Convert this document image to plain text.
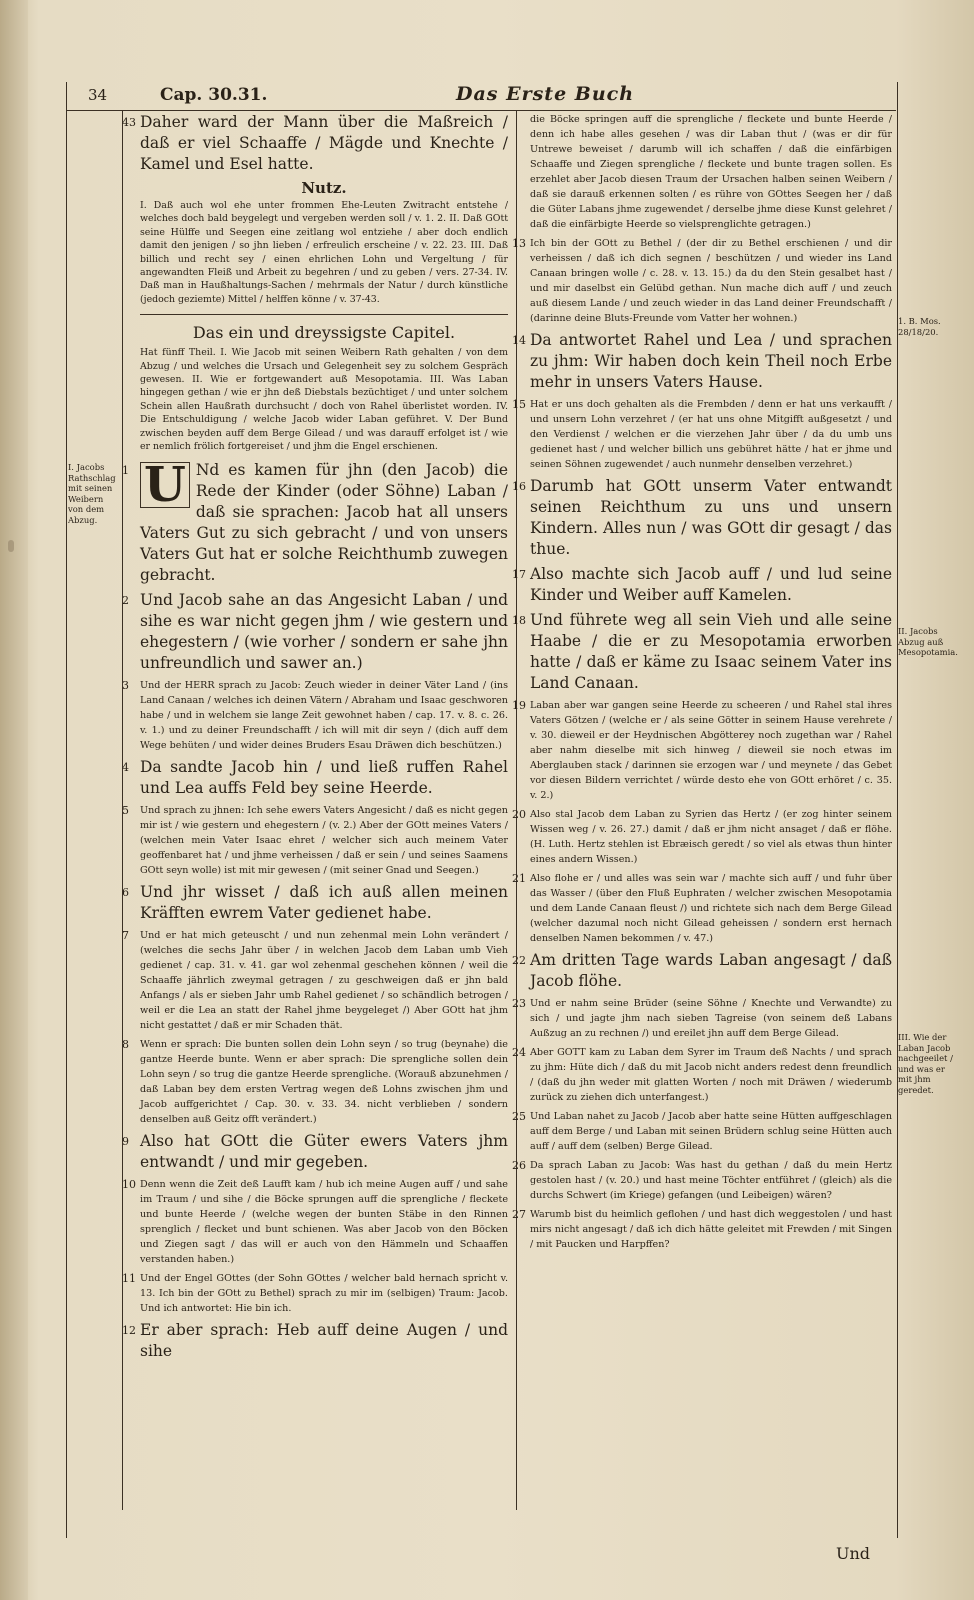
34	Cap. 30.31.	Das Erste Buch
43 Daher ward der Mann über die Maßreich / daß er viel Schaaffe / Mägde und Knechte / Kamel und Esel hatte.
Nutz.
I. Daß auch wol ehe unter frommen Ehe-Leuten Zwitracht entstehe / welches doch bald beygelegt und vergeben werden soll / v. 1. 2. II. Daß GOtt seine Hülffe und Seegen eine zeitlang wol entziehe / aber doch endlich damit den jenigen / so jhn lieben / erfreulich erscheine / v. 22. 23. III. Daß billich und recht sey / einen ehrlichen Lohn und Vergeltung / für angewandten Fleiß und Arbeit zu begehren / und zu geben / vers. 27-34. IV. Daß man in Haußhaltungs-Sachen / mehrmals der Natur / durch künstliche (jedoch geziemte) Mittel / helffen könne / v. 37-43.
Das ein und dreyssigste Capitel.
Hat fünff Theil. I. Wie Jacob mit seinen Weibern Rath gehalten / von dem Abzug / und welches die Ursach und Gelegenheit sey zu solchem Gespräch gewesen. II. Wie er fortgewandert auß Mesopotamia. III. Was Laban hingegen gethan / wie er jhn deß Diebstals bezüchtiget / und unter solchem Schein allen Haußrath durchsucht / doch von Rahel überlistet worden. IV. Die Entschuldigung / welche Jacob wider Laban geführet. V. Der Bund zwischen beyden auff dem Berge Gilead / und was darauff erfolget ist / wie er nemlich frölich fortgereiset / und jhm die Engel erschienen.
1 U Nd es kamen für jhn (den Jacob) die Rede der Kinder (oder Söhne) Laban / daß sie sprachen: Jacob hat all unsers Vaters Gut zu sich gebracht / und von unsers Vaters Gut hat er solche Reichthumb zuwegen gebracht.
2 Und Jacob sahe an das Angesicht Laban / und sihe es war nicht gegen jhm / wie gestern und ehegestern / (wie vorher / sondern er sahe jhn unfreundlich und sawer an.)
3 Und der HERR sprach zu Jacob: Zeuch wieder in deiner Väter Land / (ins Land Canaan / welches ich deinen Vätern / Abraham und Isaac geschworen habe / und in welchem sie lange Zeit gewohnet haben / cap. 17. v. 8. c. 26. v. 1.) und zu deiner Freundschafft / ich will mit dir seyn / (dich auff dem Wege behüten / und wider deines Bruders Esau Dräwen dich beschützen.)
4 Da sandte Jacob hin / und ließ ruffen Rahel und Lea auffs Feld bey seine Heerde.
5 Und sprach zu jhnen: Ich sehe ewers Vaters Angesicht / daß es nicht gegen mir ist / wie gestern und ehegestern / (v. 2.) Aber der GOtt meines Vaters / (welchen mein Vater Isaac ehret / welcher sich auch meinem Vater geoffenbaret hat / und jhme verheissen / daß er sein / und seines Saamens GOtt seyn wolle) ist mit mir gewesen / (mit seiner Gnad und Seegen.)
6 Und jhr wisset / daß ich auß allen meinen Kräfften ewrem Vater gedienet habe.
7 Und er hat mich geteuscht / und nun zehenmal mein Lohn verändert / (welches die sechs Jahr über / in welchen Jacob dem Laban umb Vieh gedienet / cap. 31. v. 41. gar wol zehenmal geschehen können / weil die Schaaffe jährlich zweymal getragen / zu geschweigen daß er jhn bald Anfangs / als er sieben Jahr umb Rahel gedienet / so schändlich betrogen / weil er die Lea an statt der Rahel jhme beygeleget /) Aber GOtt hat jhm nicht gestattet / daß er mir Schaden thät.
8 Wenn er sprach: Die bunten sollen dein Lohn seyn / so trug (beynahe) die gantze Heerde bunte. Wenn er aber sprach: Die sprengliche sollen dein Lohn seyn / so trug die gantze Heerde sprengliche. (Worauß abzunehmen / daß Laban bey dem ersten Vertrag wegen deß Lohns zwischen jhm und Jacob auffgerichtet / Cap. 30. v. 33. 34. nicht verblieben / sondern denselben auß Geitz offt verändert.)
9 Also hat GOtt die Güter ewers Vaters jhm entwandt / und mir gegeben.
10 Denn wenn die Zeit deß Laufft kam / hub ich meine Augen auff / und sahe im Traum / und sihe / die Böcke sprungen auff die sprengliche / fleckete und bunte Heerde / (welche wegen der bunten Stäbe in den Rinnen sprenglich / flecket und bunt schienen. Was aber Jacob von den Böcken und Ziegen sagt / das will er auch von den Hämmeln und Schaaffen verstanden haben.)
11 Und der Engel GOttes (der Sohn GOttes / welcher bald hernach spricht v. 13. Ich bin der GOtt zu Bethel) sprach zu mir im (selbigen) Traum: Jacob. Und ich antwortet: Hie bin ich.
12 Er aber sprach: Heb auff deine Augen / und sihe
die Böcke springen auff die sprengliche / fleckete und bunte Heerde / denn ich habe alles gesehen / was dir Laban thut / (was er dir für Untrewe beweiset / darumb will ich schaffen / daß die einfärbigen Schaaffe und Ziegen sprengliche / fleckete und bunte tragen sollen. Es erzehlet aber Jacob diesen Traum der Ursachen halben seinen Weibern / daß sie darauß erkennen solten / es rühre von GOttes Seegen her / daß die Güter Labans jhme zugewendet / derselbe jhme diese Kunst gelehret / daß die einfärbigte Heerde so vielsprenglichte getragen.)
13 Ich bin der GOtt zu Bethel / (der dir zu Bethel erschienen / und dir verheissen / daß ich dich segnen / beschützen / und wieder ins Land Canaan bringen wolle / c. 28. v. 13. 15.) da du den Stein gesalbet hast / und mir daselbst ein Gelübd gethan. Nun mache dich auff / und zeuch auß diesem Lande / und zeuch wieder in das Land deiner Freundschafft / (darinne deine Bluts-Freunde vom Vatter her wohnen.)
14 Da antwortet Rahel und Lea / und sprachen zu jhm: Wir haben doch kein Theil noch Erbe mehr in unsers Vaters Hause.
15 Hat er uns doch gehalten als die Frembden / denn er hat uns verkaufft / und unsern Lohn verzehret / (er hat uns ohne Mitgifft außgesetzt / und den Verdienst / welchen er die vierzehen Jahr über / da du umb uns gedienet hast / und welcher billich uns gebühret hätte / hat er jhme und seinen Söhnen zugewendet / auch nunmehr denselben verzehret.)
16 Darumb hat GOtt unserm Vater entwandt seinen Reichthum zu uns und unsern Kindern. Alles nun / was GOtt dir gesagt / das thue.
17 Also machte sich Jacob auff / und lud seine Kinder und Weiber auff Kamelen.
18 Und führete weg all sein Vieh und alle seine Haabe / die er zu Mesopotamia erworben hatte / daß er käme zu Isaac seinem Vater ins Land Canaan.
19 Laban aber war gangen seine Heerde zu scheeren / und Rahel stal ihres Vaters Götzen / (welche er / als seine Götter in seinem Hause verehrete / v. 30. dieweil er der Heydnischen Abgötterey noch zugethan war / Rahel aber nahm dieselbe mit sich hinweg / dieweil sie noch etwas im Aberglauben stack / darinnen sie erzogen war / und meynete / das Gebet vor diesen Bildern verrichtet / würde desto ehe von GOtt erhöret / c. 35. v. 2.)
20 Also stal Jacob dem Laban zu Syrien das Hertz / (er zog hinter seinem Wissen weg / v. 26. 27.) damit / daß er jhm nicht ansaget / daß er flöhe. (H. Luth. Hertz stehlen ist Ebræisch geredt / so viel als etwas thun hinter eines andern Wissen.)
21 Also flohe er / und alles was sein war / machte sich auff / und fuhr über das Wasser / (über den Fluß Euphraten / welcher zwischen Mesopotamia und dem Lande Canaan fleust /) und richtete sich nach dem Berge Gilead (welcher dazumal noch nicht Gilead geheissen / sondern erst hernach denselben Namen bekommen / v. 47.)
22 Am dritten Tage wards Laban angesagt / daß Jacob flöhe.
23 Und er nahm seine Brüder (seine Söhne / Knechte und Verwandte) zu sich / und jagte jhm nach sieben Tagreise (von seinem deß Labans Außzug an zu rechnen /) und ereilet jhn auff dem Berge Gilead.
24 Aber GOTT kam zu Laban dem Syrer im Traum deß Nachts / und sprach zu jhm: Hüte dich / daß du mit Jacob nicht anders redest denn freundlich / (daß du jhn weder mit glatten Worten / noch mit Dräwen / wiederumb zurück zu ziehen dich unterfangest.)
25 Und Laban nahet zu Jacob / Jacob aber hatte seine Hütten auffgeschlagen auff dem Berge / und Laban mit seinen Brüdern schlug seine Hütten auch auff / auff dem (selben) Berge Gilead.
26 Da sprach Laban zu Jacob: Was hast du gethan / daß du mein Hertz gestolen hast / (v. 20.) und hast meine Töchter entführet / (gleich) als die durchs Schwert (im Kriege) gefangen (und Leibeigen) wären?
27 Warumb bist du heimlich geflohen / und hast dich weggestolen / und hast mirs nicht angesagt / daß ich dich hätte geleitet mit Frewden / mit Singen / mit Paucken und Harpffen?
I. Jacobs Rathschlag mit seinen Weibern von dem Abzug.
1. B. Mos. 28/18/20.
II. Jacobs Abzug auß Mesopotamia.
III. Wie der Laban Jacob nachgeeilet / und was er mit jhm geredet.
Und
